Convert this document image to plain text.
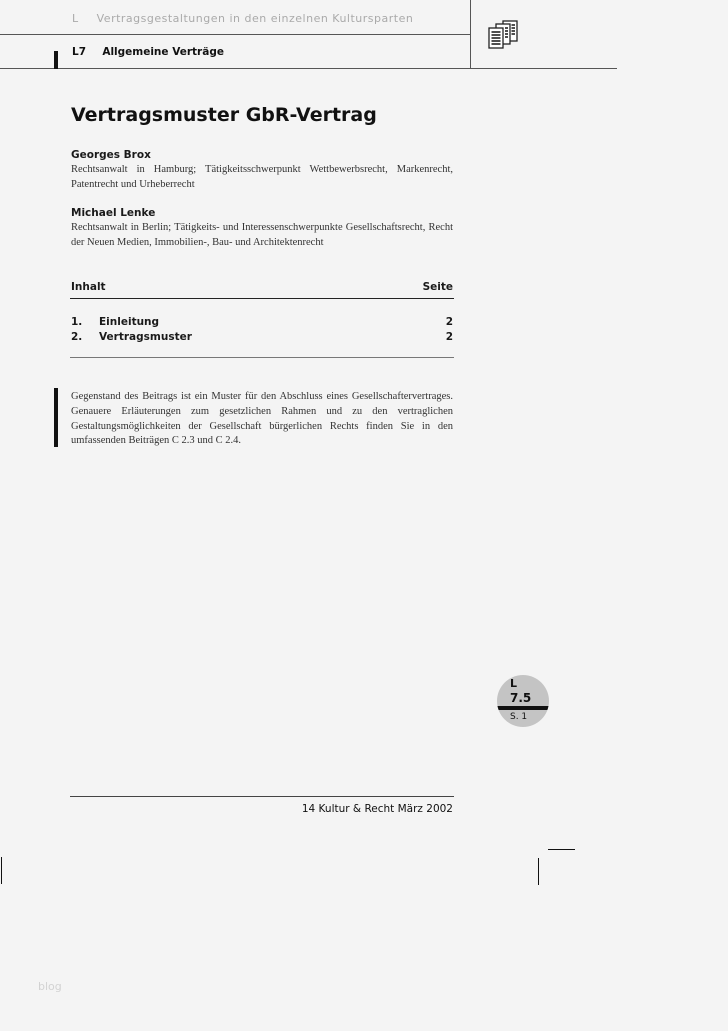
L Vertragsgestaltungen in den einzelnen Kultursparten
L7 Allgemeine Verträge
Vertragsmuster GbR-Vertrag
Georges Brox
Rechtsanwalt in Hamburg; Tätigkeitsschwerpunkt Wettbewerbsrecht, Markenrecht, Patentrecht und Urheberrecht
Michael Lenke
Rechtsanwalt in Berlin; Tätigkeits- und Interessenschwerpunkte Gesellschaftsrecht, Recht der Neuen Medien, Immobilien-, Bau- und Architektenrecht
Inhalt	Seite
1. Einleitung	2
2. Vertragsmuster	2
Gegenstand des Beitrags ist ein Muster für den Abschluss eines Gesellschaftervertrages. Genauere Erläuterungen zum gesetzlichen Rahmen und zu den vertraglichen Gestaltungsmöglichkeiten der Gesellschaft bürgerlichen Rechts finden Sie in den umfassenden Beiträgen C 2.3 und C 2.4.
L
7.5
S. 1
14 Kultur & Recht März 2002
blog
